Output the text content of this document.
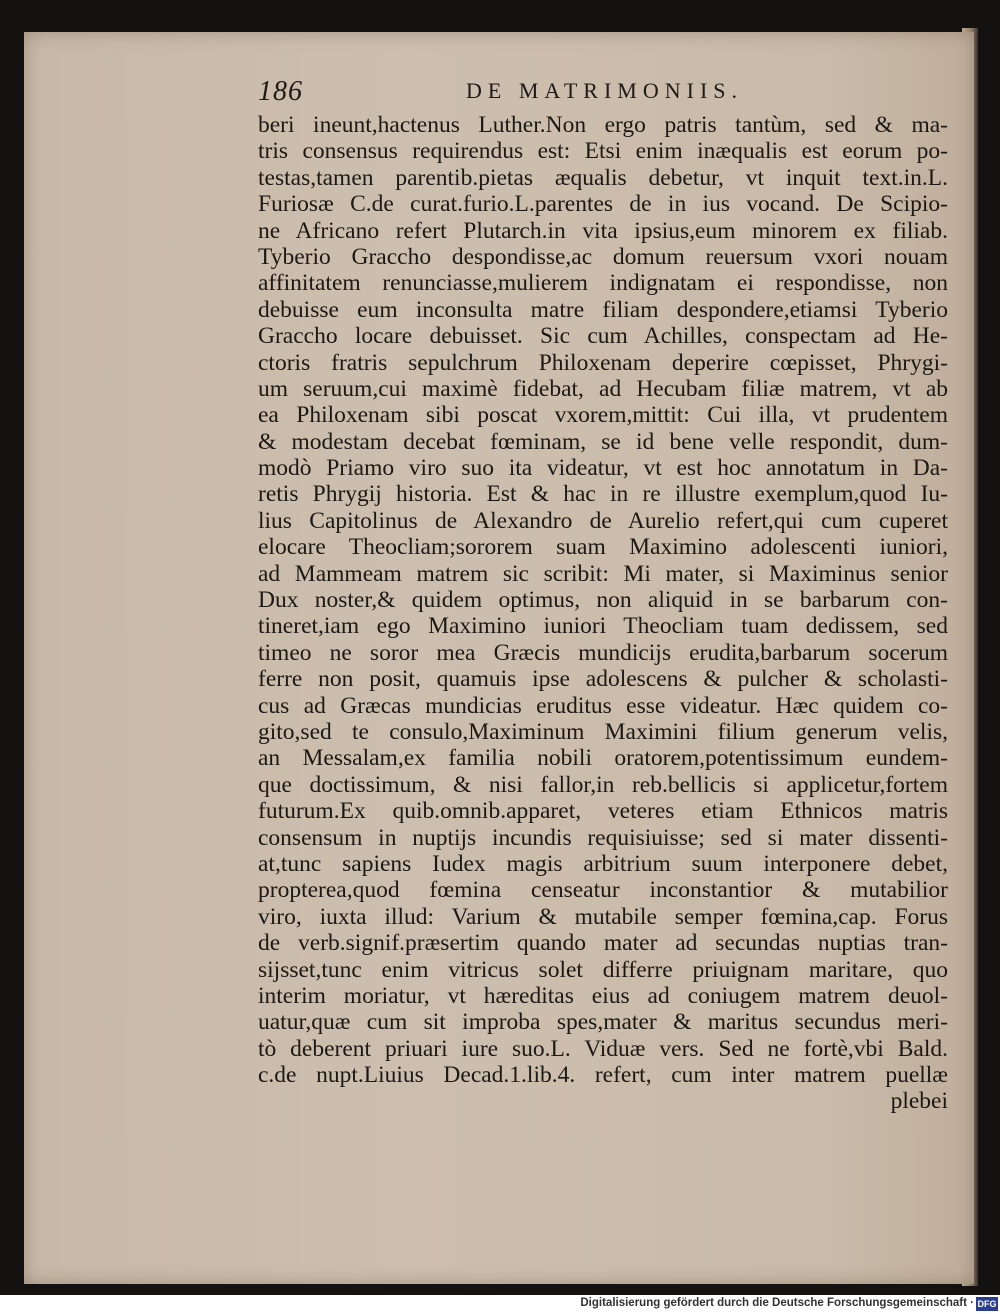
186	DE MATRIMONIIS.
beri ineunt,hactenus Luther.Non ergo patris tantùm, sed & ma-
tris consensus requirendus est: Etsi enim inæqualis est eorum po-
testas,tamen parentib.pietas æqualis debetur, vt inquit text.in.L.
Furiosæ C.de curat.furio.L.parentes de in ius vocand. De Scipio-
ne Africano refert Plutarch.in vita ipsius,eum minorem ex filiab.
Tyberio Graccho despondisse,ac domum reuersum vxori nouam
affinitatem renunciasse,mulierem indignatam ei respondisse, non
debuisse eum inconsulta matre filiam despondere,etiamsi Tyberio
Graccho locare debuisset. Sic cum Achilles, conspectam ad He-
ctoris fratris sepulchrum Philoxenam deperire cœpisset, Phrygi-
um seruum,cui maximè fidebat, ad Hecubam filiæ matrem, vt ab
ea Philoxenam sibi poscat vxorem,mittit: Cui illa, vt prudentem
& modestam decebat fœminam, se id bene velle respondit, dum-
modò Priamo viro suo ita videatur, vt est hoc annotatum in Da-
retis Phrygij historia. Est & hac in re illustre exemplum,quod Iu-
lius Capitolinus de Alexandro de Aurelio refert,qui cum cuperet
elocare Theocliam;sororem suam Maximino adolescenti iuniori,
ad Mammeam matrem sic scribit: Mi mater, si Maximinus senior
Dux noster,& quidem optimus, non aliquid in se barbarum con-
tineret,iam ego Maximino iuniori Theocliam tuam dedissem, sed
timeo ne soror mea Græcis mundicijs erudita,barbarum socerum
ferre non posit, quamuis ipse adolescens & pulcher & scholasti-
cus ad Græcas mundicias eruditus esse videatur. Hæc quidem co-
gito,sed te consulo,Maximinum Maximini filium generum velis,
an Messalam,ex familia nobili oratorem,potentissimum eundem-
que doctissimum, & nisi fallor,in reb.bellicis si applicetur,fortem
futurum.Ex quib.omnib.apparet, veteres etiam Ethnicos matris
consensum in nuptijs incundis requisiuisse; sed si mater dissenti-
at,tunc sapiens Iudex magis arbitrium suum interponere debet,
propterea,quod fœmina censeatur inconstantior & mutabilior
viro, iuxta illud: Varium & mutabile semper fœmina,cap. Forus
de verb.signif.præsertim quando mater ad secundas nuptias tran-
sijsset,tunc enim vitricus solet differre priuignam maritare, quo
interim moriatur, vt hæreditas eius ad coniugem matrem deuol-
uatur,quæ cum sit improba spes,mater & maritus secundus meri-
tò deberent priuari iure suo.L. Viduæ vers. Sed ne fortè,vbi Bald.
c.de nupt.Liuius Decad.1.lib.4. refert, cum inter matrem puellæ
plebei
Digitalisierung gefördert durch die Deutsche Forschungsgemeinschaft · DFG
